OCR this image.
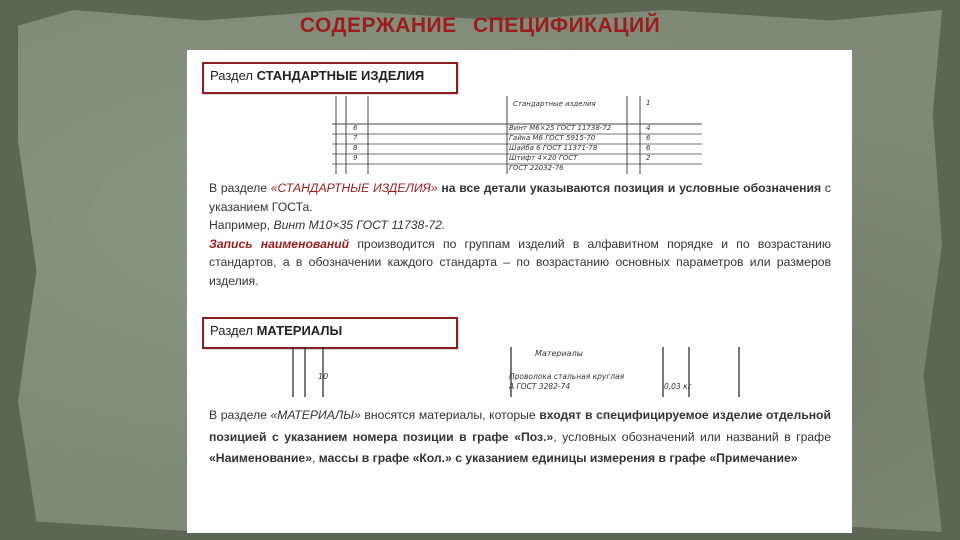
СОДЕРЖАНИЕ СПЕЦИФИКАЦИЙ
Раздел СТАНДАРТНЫЕ ИЗДЕЛИЯ
Стандартные изделия	1
6	Винт М6×25 ГОСТ 11738-72	4
7	Гайка М6 ГОСТ 5915-70	6
8	Шайба 6 ГОСТ 11371-78	6
9	Штифт 4×20 ГОСТ	2
ГОСТ 22032-76
В разделе «СТАНДАРТНЫЕ ИЗДЕЛИЯ» на все детали указываются позиция и условные обозначения с указанием ГОСТа.
Например, Винт М10×35 ГОСТ 11738-72.
Запись наименований производится по группам изделий в алфавитном порядке и по возрастанию стандартов, а в обозначении каждого стандарта – по возрастанию основных параметров или размеров изделия.
Раздел МАТЕРИАЛЫ
Материалы
10	Проволока стальная круглая
А ГОСТ 3282-74	0,03 кг
В разделе «МАТЕРИАЛЫ» вносятся материалы, которые входят в специфицируемое изделие отдельной позицией с указанием номера позиции в графе «Поз.», условных обозначений или названий в графе «Наименование», массы в графе «Кол.» с указанием единицы измерения в графе «Примечание»
